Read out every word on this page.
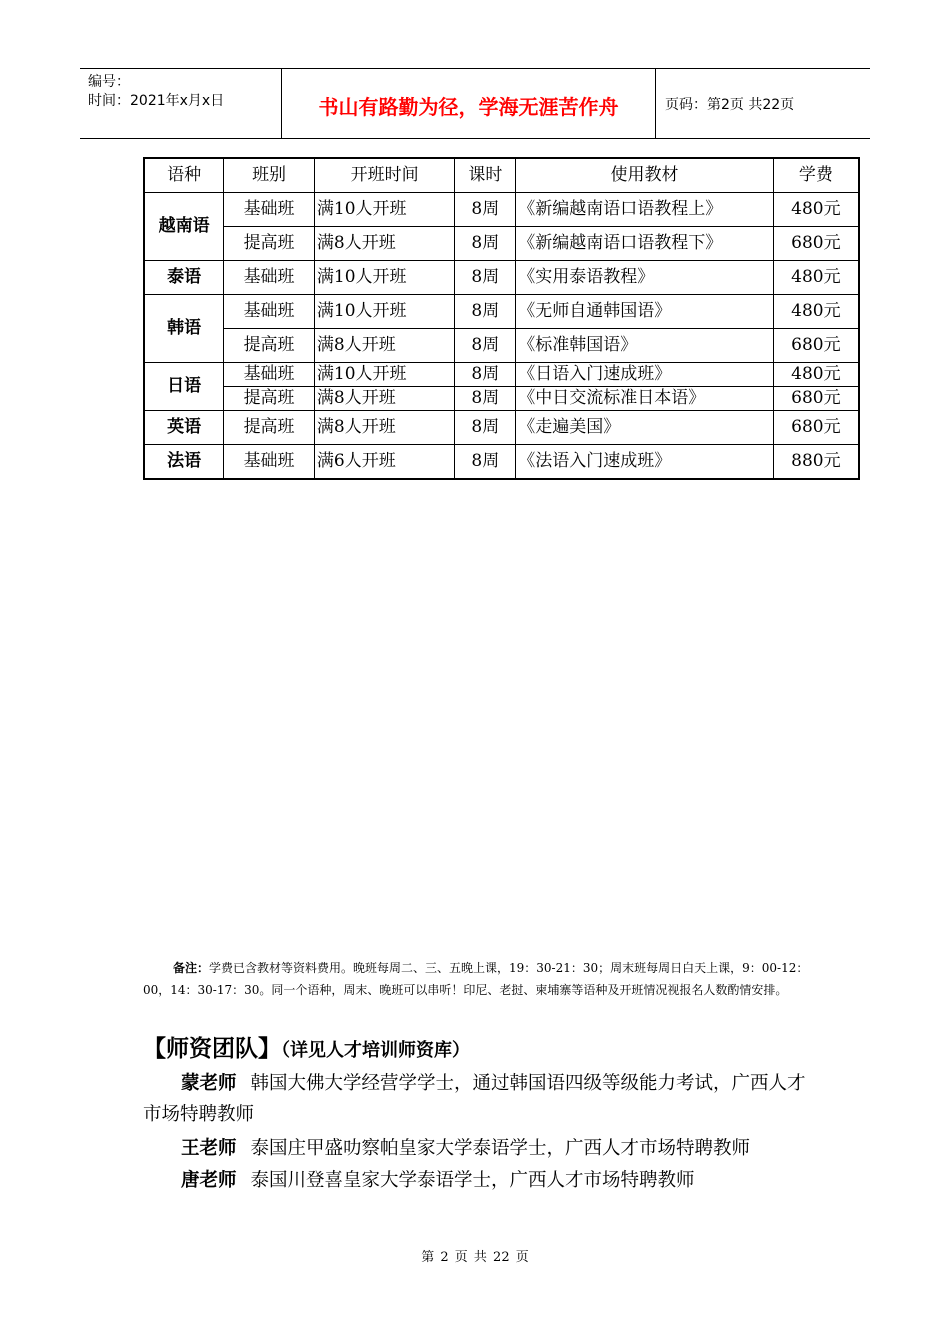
编号：
时间：2021年x月x日	书山有路勤为径，学海无涯苦作舟	页码：第2页 共22页
语种	班别	开班时间	课时	使用教材	学费
越南语	基础班	满10人开班	8周	《新编越南语口语教程上》	480元
	提高班	满8人开班	8周	《新编越南语口语教程下》	680元
泰语	基础班	满10人开班	8周	《实用泰语教程》	480元
韩语	基础班	满10人开班	8周	《无师自通韩国语》	480元
	提高班	满8人开班	8周	《标准韩国语》	680元
日语	基础班	满10人开班	8周	《日语入门速成班》	480元
	提高班	满8人开班	8周	《中日交流标准日本语》	680元
英语	提高班	满8人开班	8周	《走遍美国》	680元
法语	基础班	满6人开班	8周	《法语入门速成班》	880元
备注：学费已含教材等资料费用。晚班每周二、三、五晚上课，19：30-21：30；周末班每周日白天上课，9：00-12：00，14：30-17：30。同一个语种，周末、晚班可以串听！印尼、老挝、柬埔寨等语种及开班情况视报名人数酌情安排。
【师资团队】（详见人才培训师资库）
蒙老师 韩国大佛大学经营学学士，通过韩国语四级等级能力考试，广西人才市场特聘教师
王老师 泰国庄甲盛叻察帕皇家大学泰语学士，广西人才市场特聘教师
唐老师 泰国川登喜皇家大学泰语学士，广西人才市场特聘教师
第 2 页 共 22 页
